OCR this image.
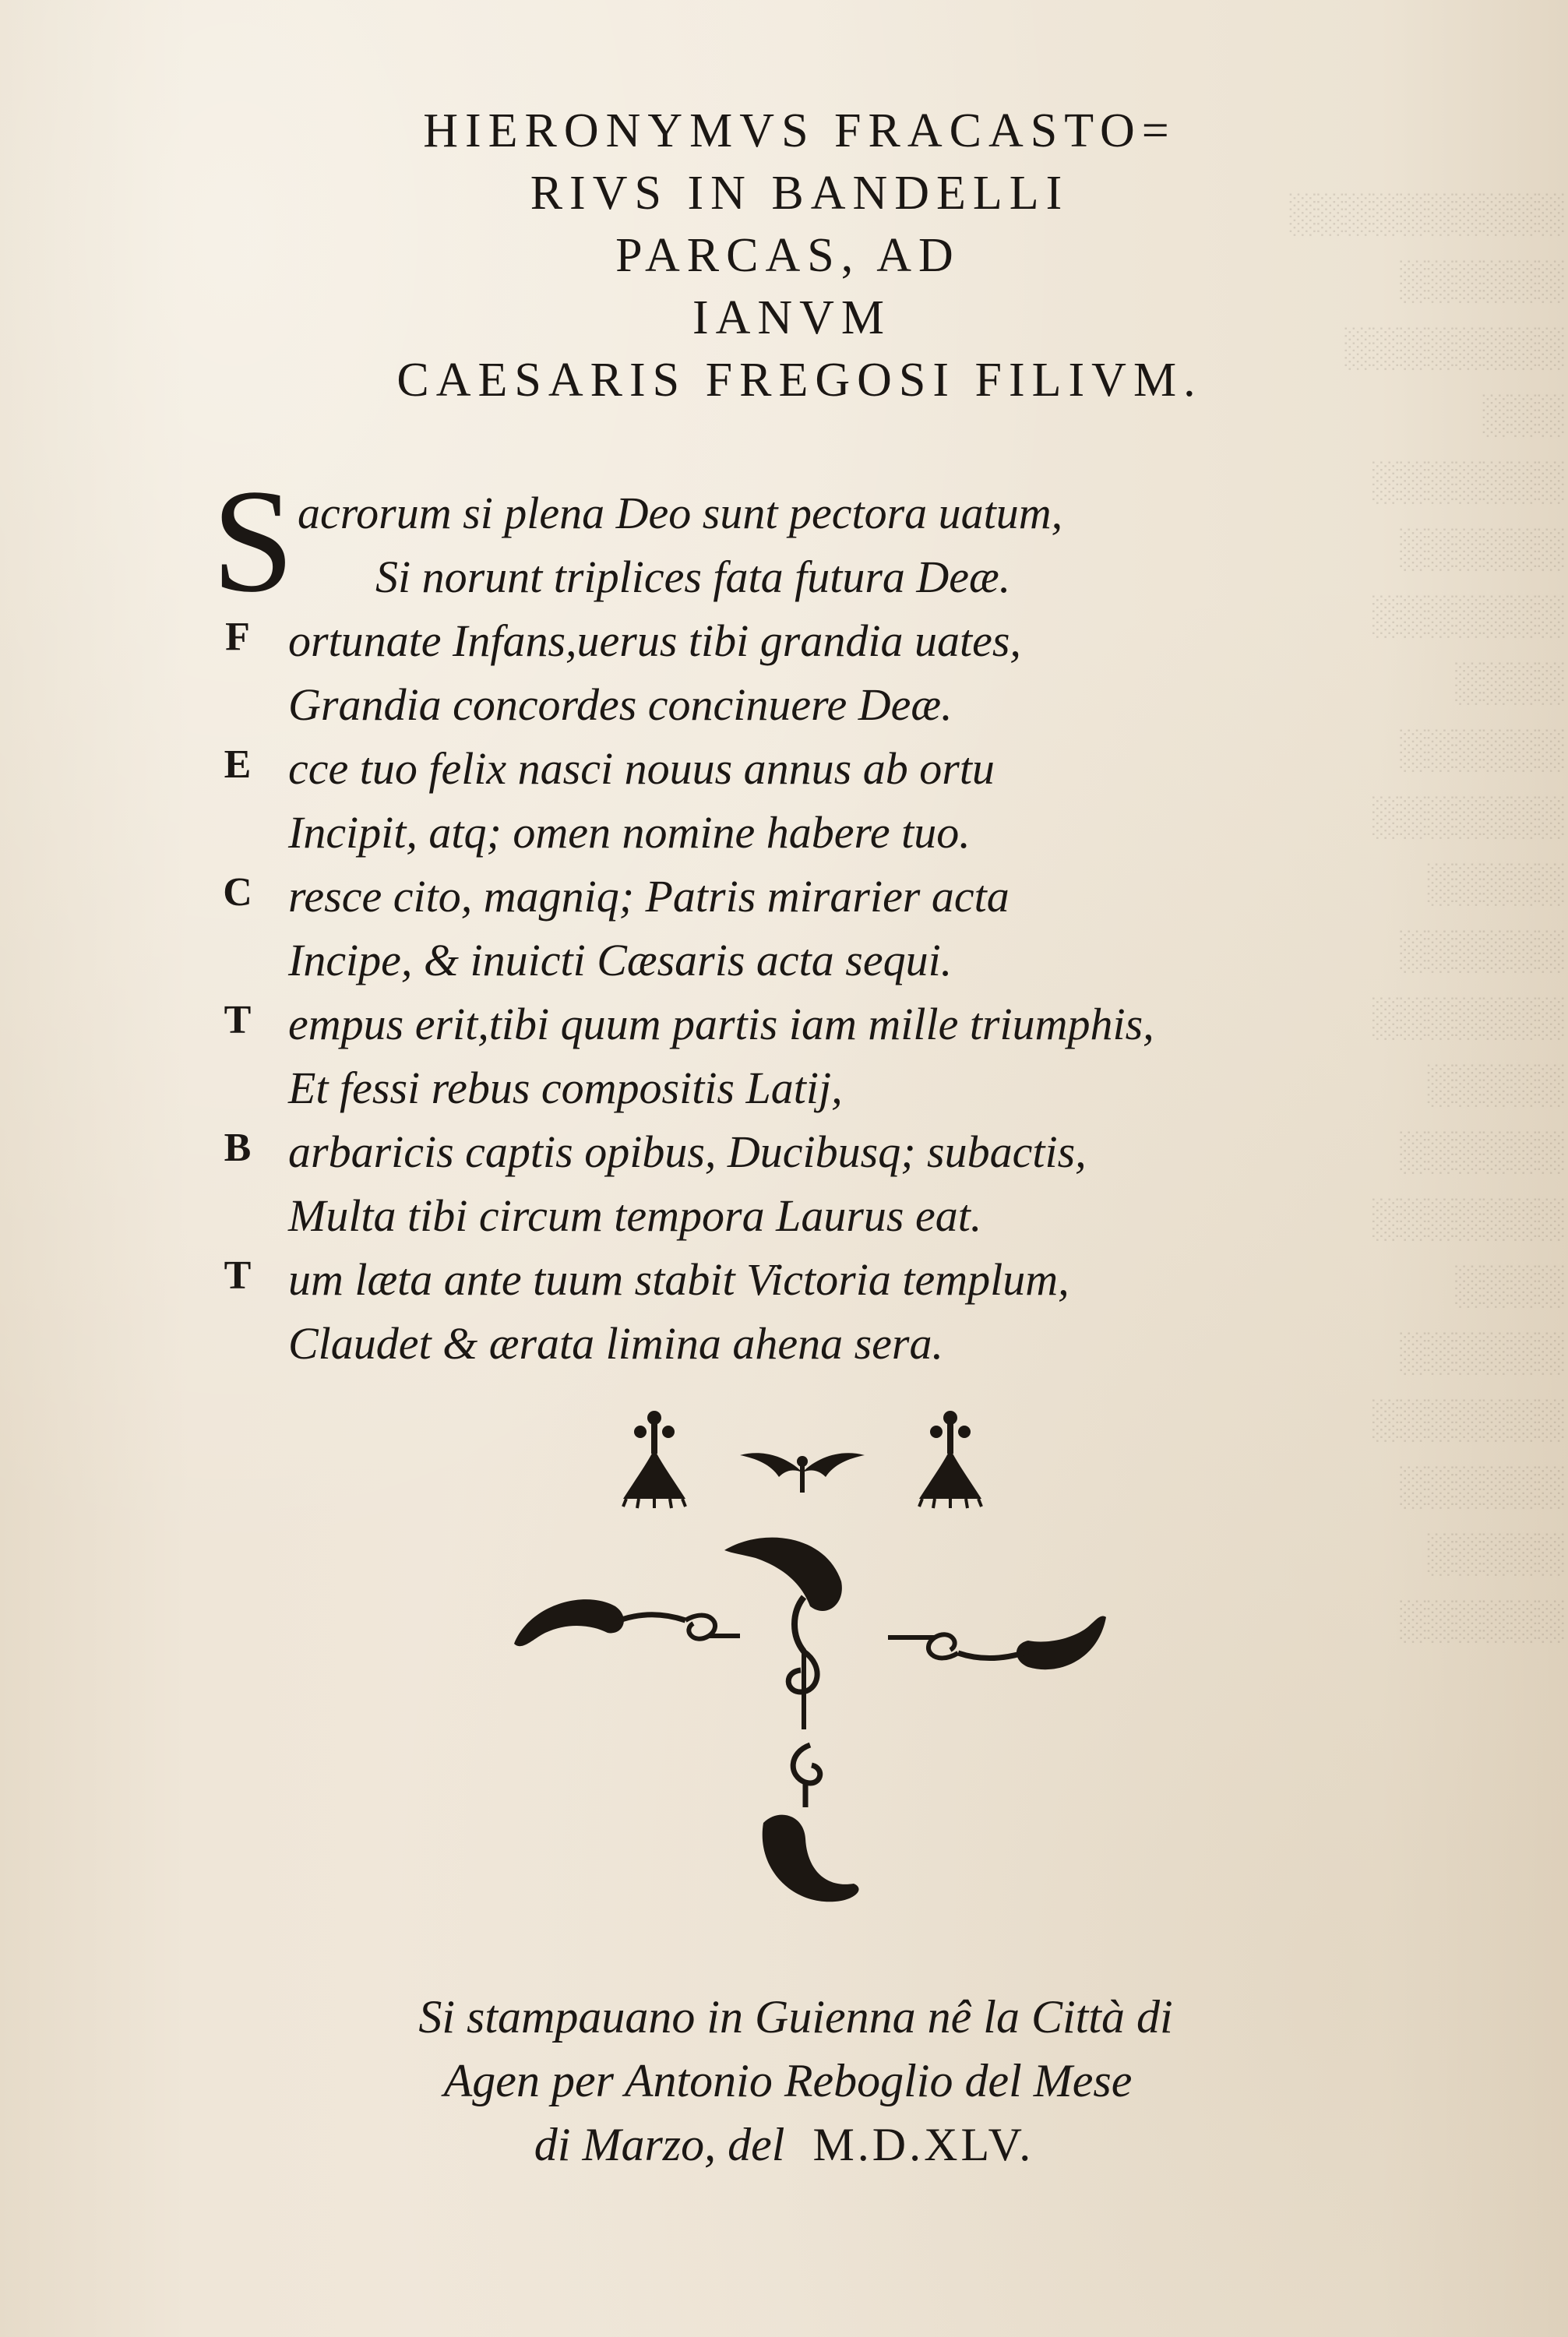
░░░░░░░░░░
░░░░░░
░░░░░░░░
░░░
░░░░░░░
░░░░░░
░░░░░░░
░░░░
░░░░░░
░░░░░░░
░░░░░
░░░░░░
░░░░░░░
░░░░░
░░░░░░
░░░░░░░
░░░░
░░░░░░
░░░░░░░
░░░░░░
░░░░░
░░░░░░
HIERONYMVS FRACASTO=
RIVS IN BANDELLI
PARCAS, AD
IANVM
CAESARIS FREGOSI FILIVM.
S acrorum si plena Deo sunt pectora uatum,
Si norunt triplices fata futura Deæ.
F ortunate Infans,uerus tibi grandia uates,
Grandia concordes concinuere Deæ.
E cce tuo felix nasci nouus annus ab ortu
Incipit, atq; omen nomine habere tuo.
C resce cito, magniq; Patris mirarier acta
Incipe, & inuicti Cæsaris acta sequi.
T empus erit,tibi quum partis iam mille triumphis,
Et fessi rebus compositis Latij,
B arbaricis captis opibus, Ducibusq; subactis,
Multa tibi circum tempora Laurus eat.
T um læta ante tuum stabit Victoria templum,
Claudet & ærata limina ahena sera.
Si stampauano in Guienna nê la Città di
Agen per Antonio Reboglio del Mese
di Marzo, del M.D.XLV.
